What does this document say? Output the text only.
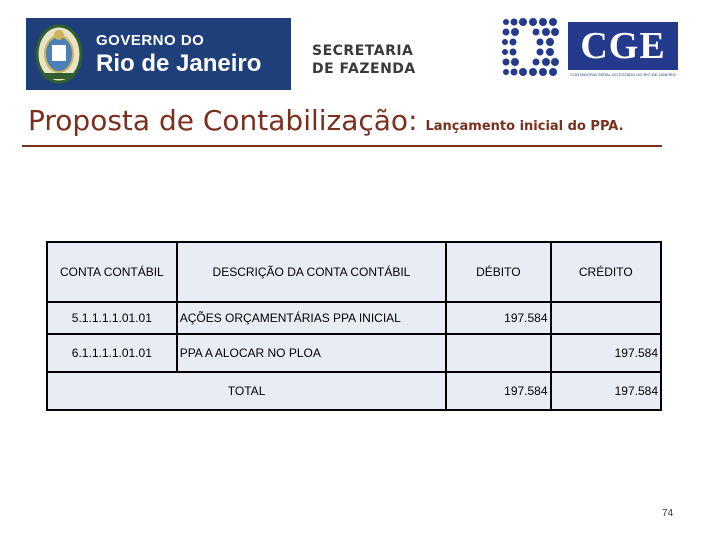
GOVERNO DO
Rio de Janeiro	SECRETARIA
DE FAZENDA
CGE
CONTADORIA GERAL DO ESTADO DO RIO DE JANEIRO
Proposta de Contabilização: Lançamento inicial do PPA.
CONTA CONTÁBIL	DESCRIÇÃO DA CONTA CONTÁBIL	DÉBITO	CRÉDITO
5.1.1.1.1.01.01	AÇÕES ORÇAMENTÁRIAS PPA INICIAL	197.584	
6.1.1.1.1.01.01	PPA A ALOCAR NO PLOA		197.584
TOTAL		197.584	197.584
74
